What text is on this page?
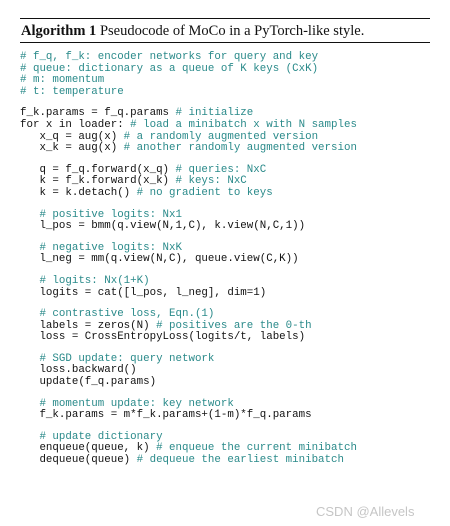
Algorithm 1 Pseudocode of MoCo in a PyTorch-like style.
# f_q, f_k: encoder networks for query and key
# queue: dictionary as a queue of K keys (CxK)
# m: momentum
# t: temperature
f_k.params = f_q.params # initialize
for x in loader: # load a minibatch x with N samples
x_q = aug(x) # a randomly augmented version
x_k = aug(x) # another randomly augmented version
q = f_q.forward(x_q) # queries: NxC
k = f_k.forward(x_k) # keys: NxC
k = k.detach() # no gradient to keys
# positive logits: Nx1
l_pos = bmm(q.view(N,1,C), k.view(N,C,1))
# negative logits: NxK
l_neg = mm(q.view(N,C), queue.view(C,K))
# logits: Nx(1+K)
logits = cat([l_pos, l_neg], dim=1)
# contrastive loss, Eqn.(1)
labels = zeros(N) # positives are the 0-th
loss = CrossEntropyLoss(logits/t, labels)
# SGD update: query network
loss.backward()
update(f_q.params)
# momentum update: key network
f_k.params = m*f_k.params+(1-m)*f_q.params
# update dictionary
enqueue(queue, k) # enqueue the current minibatch
dequeue(queue) # dequeue the earliest minibatch
CSDN @Allevels
